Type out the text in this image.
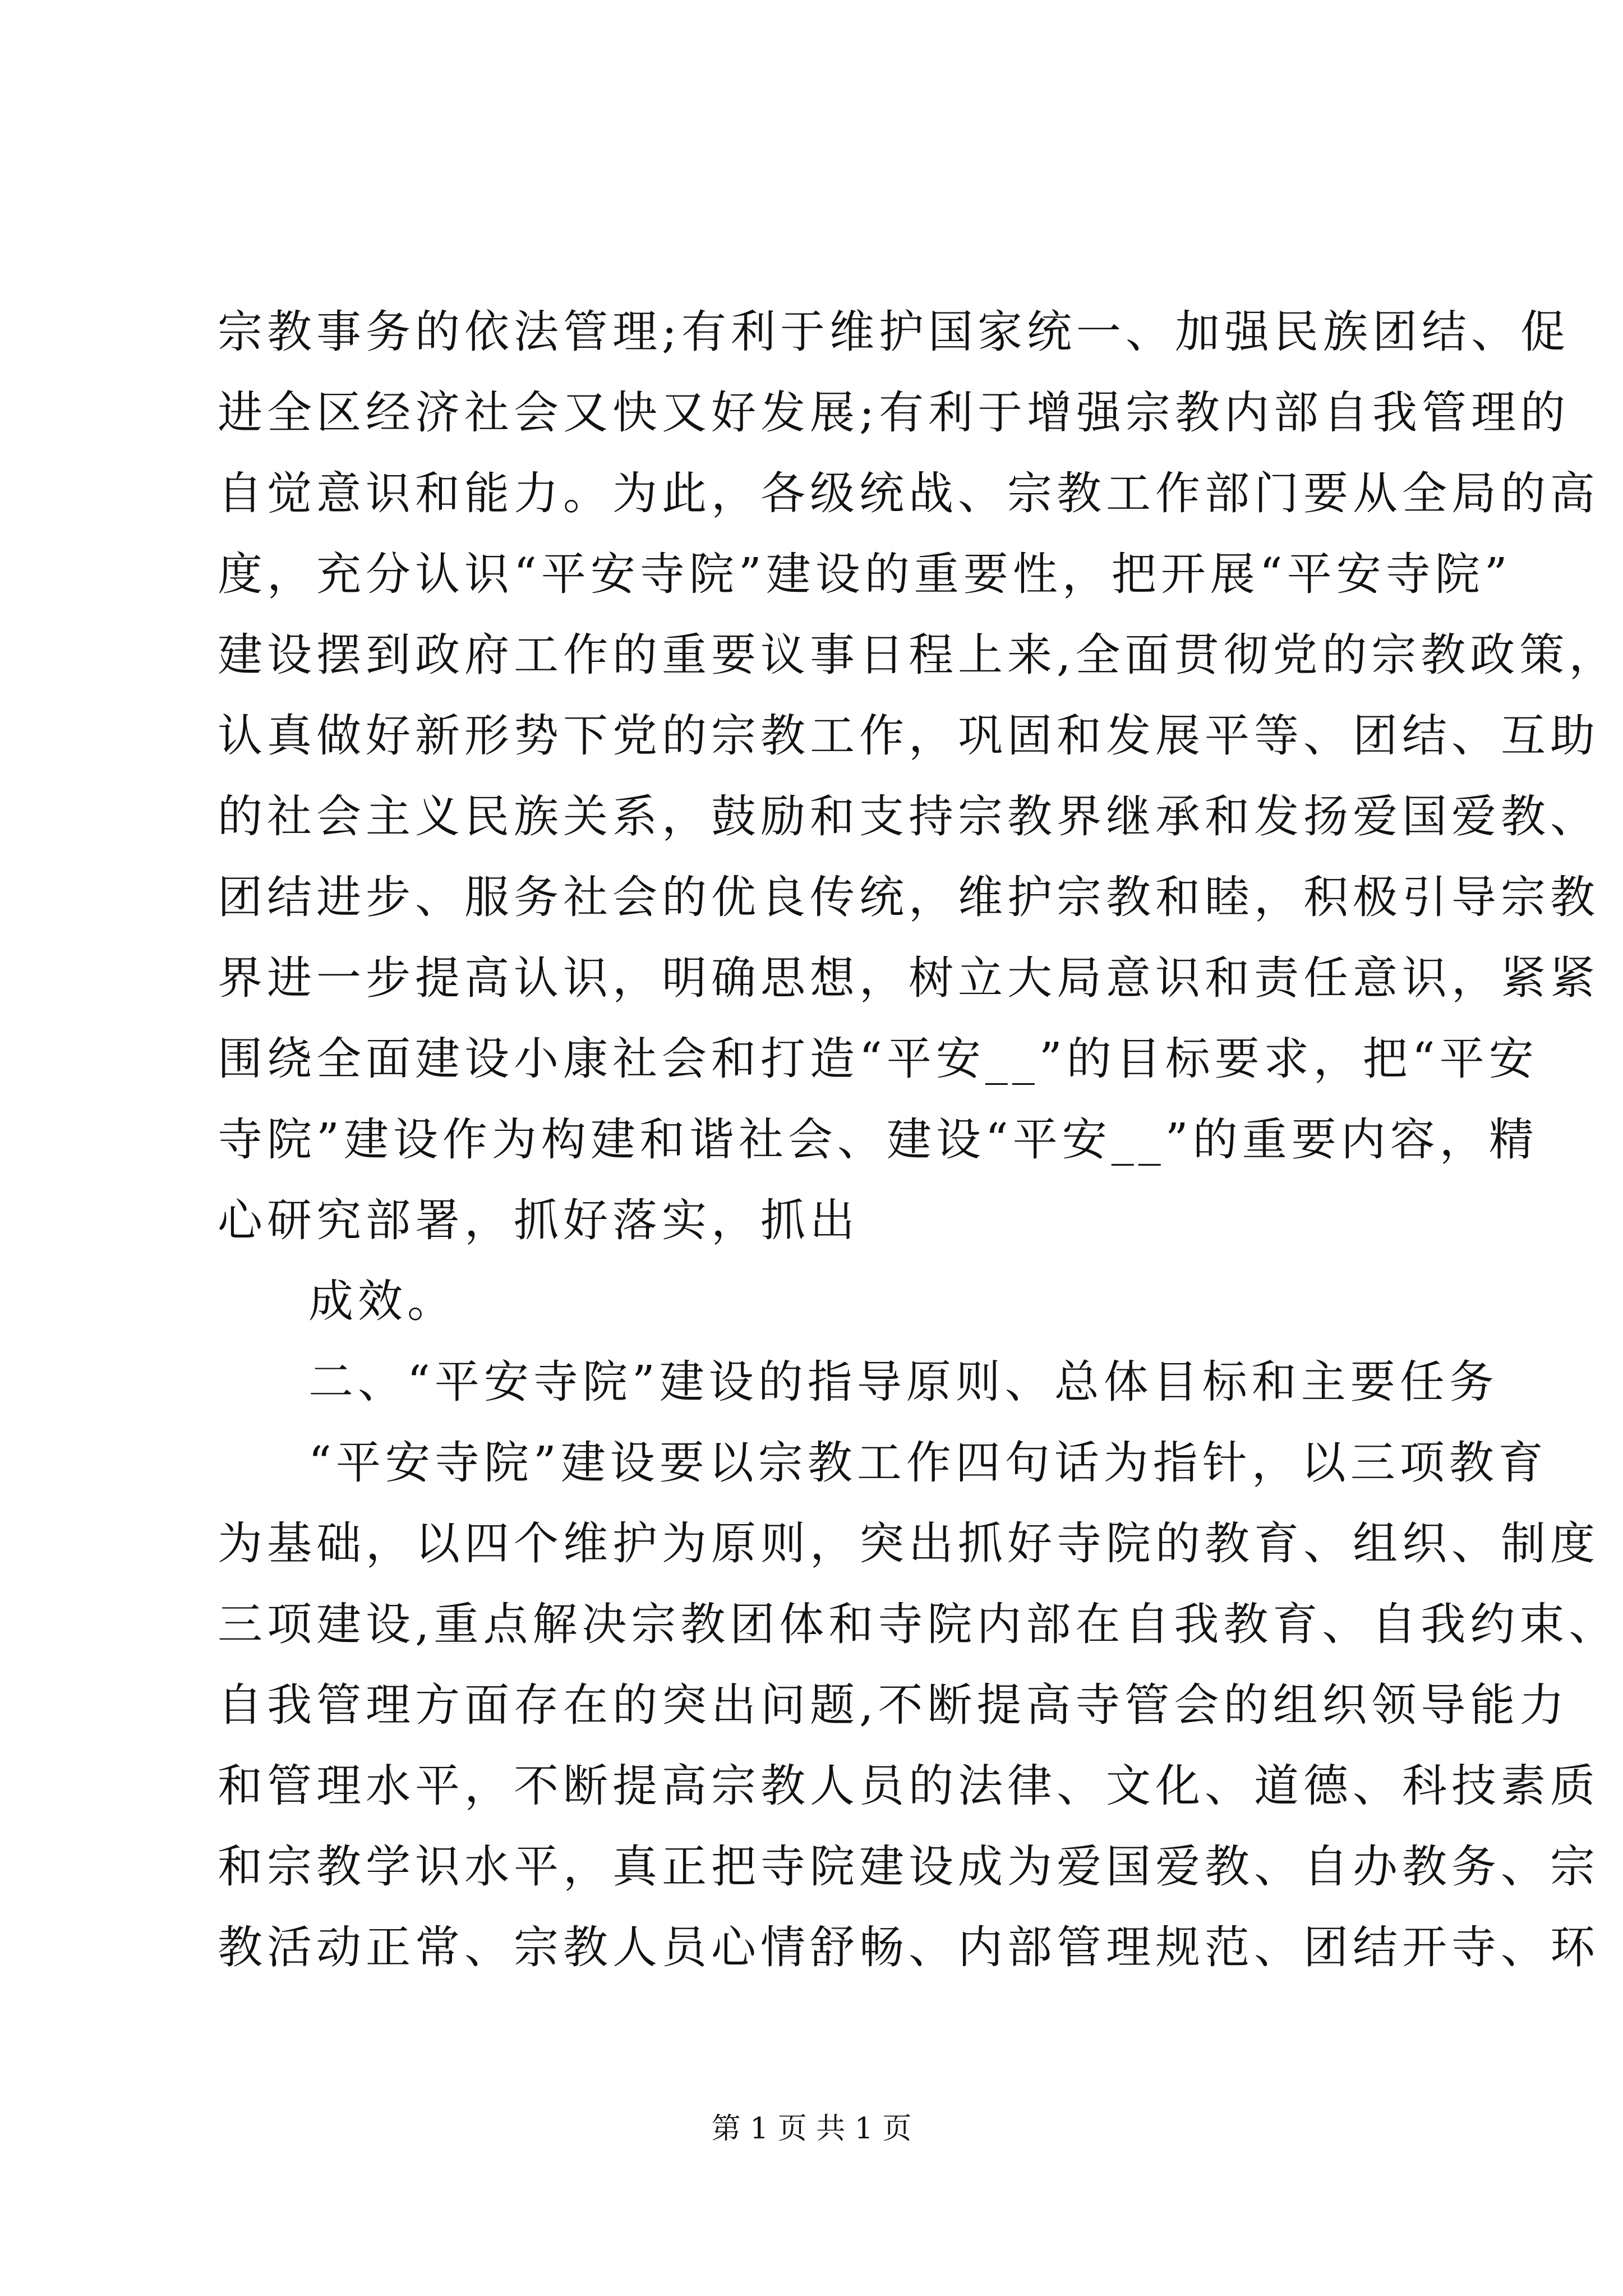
宗教事务的依法管理;有利于维护国家统一、加强民族团结、促
进全区经济社会又快又好发展;有利于增强宗教内部自我管理的
自觉意识和能力。为此，各级统战、宗教工作部门要从全局的高
度，充分认识“平安寺院”建设的重要性，把开展“平安寺院”
建设摆到政府工作的重要议事日程上来,全面贯彻党的宗教政策，
认真做好新形势下党的宗教工作，巩固和发展平等、团结、互助
的社会主义民族关系，鼓励和支持宗教界继承和发扬爱国爱教、
团结进步、服务社会的优良传统，维护宗教和睦，积极引导宗教
界进一步提高认识，明确思想，树立大局意识和责任意识，紧紧
围绕全面建设小康社会和打造“平安__”的目标要求，把“平安
寺院”建设作为构建和谐社会、建设“平安__”的重要内容，精
心研究部署，抓好落实，抓出
成效。
二、“平安寺院”建设的指导原则、总体目标和主要任务
“平安寺院”建设要以宗教工作四句话为指针，以三项教育
为基础，以四个维护为原则，突出抓好寺院的教育、组织、制度
三项建设,重点解决宗教团体和寺院内部在自我教育、自我约束、
自我管理方面存在的突出问题,不断提高寺管会的组织领导能力
和管理水平，不断提高宗教人员的法律、文化、道德、科技素质
和宗教学识水平，真正把寺院建设成为爱国爱教、自办教务、宗
教活动正常、宗教人员心情舒畅、内部管理规范、团结开寺、环
第 1 页 共 1 页
